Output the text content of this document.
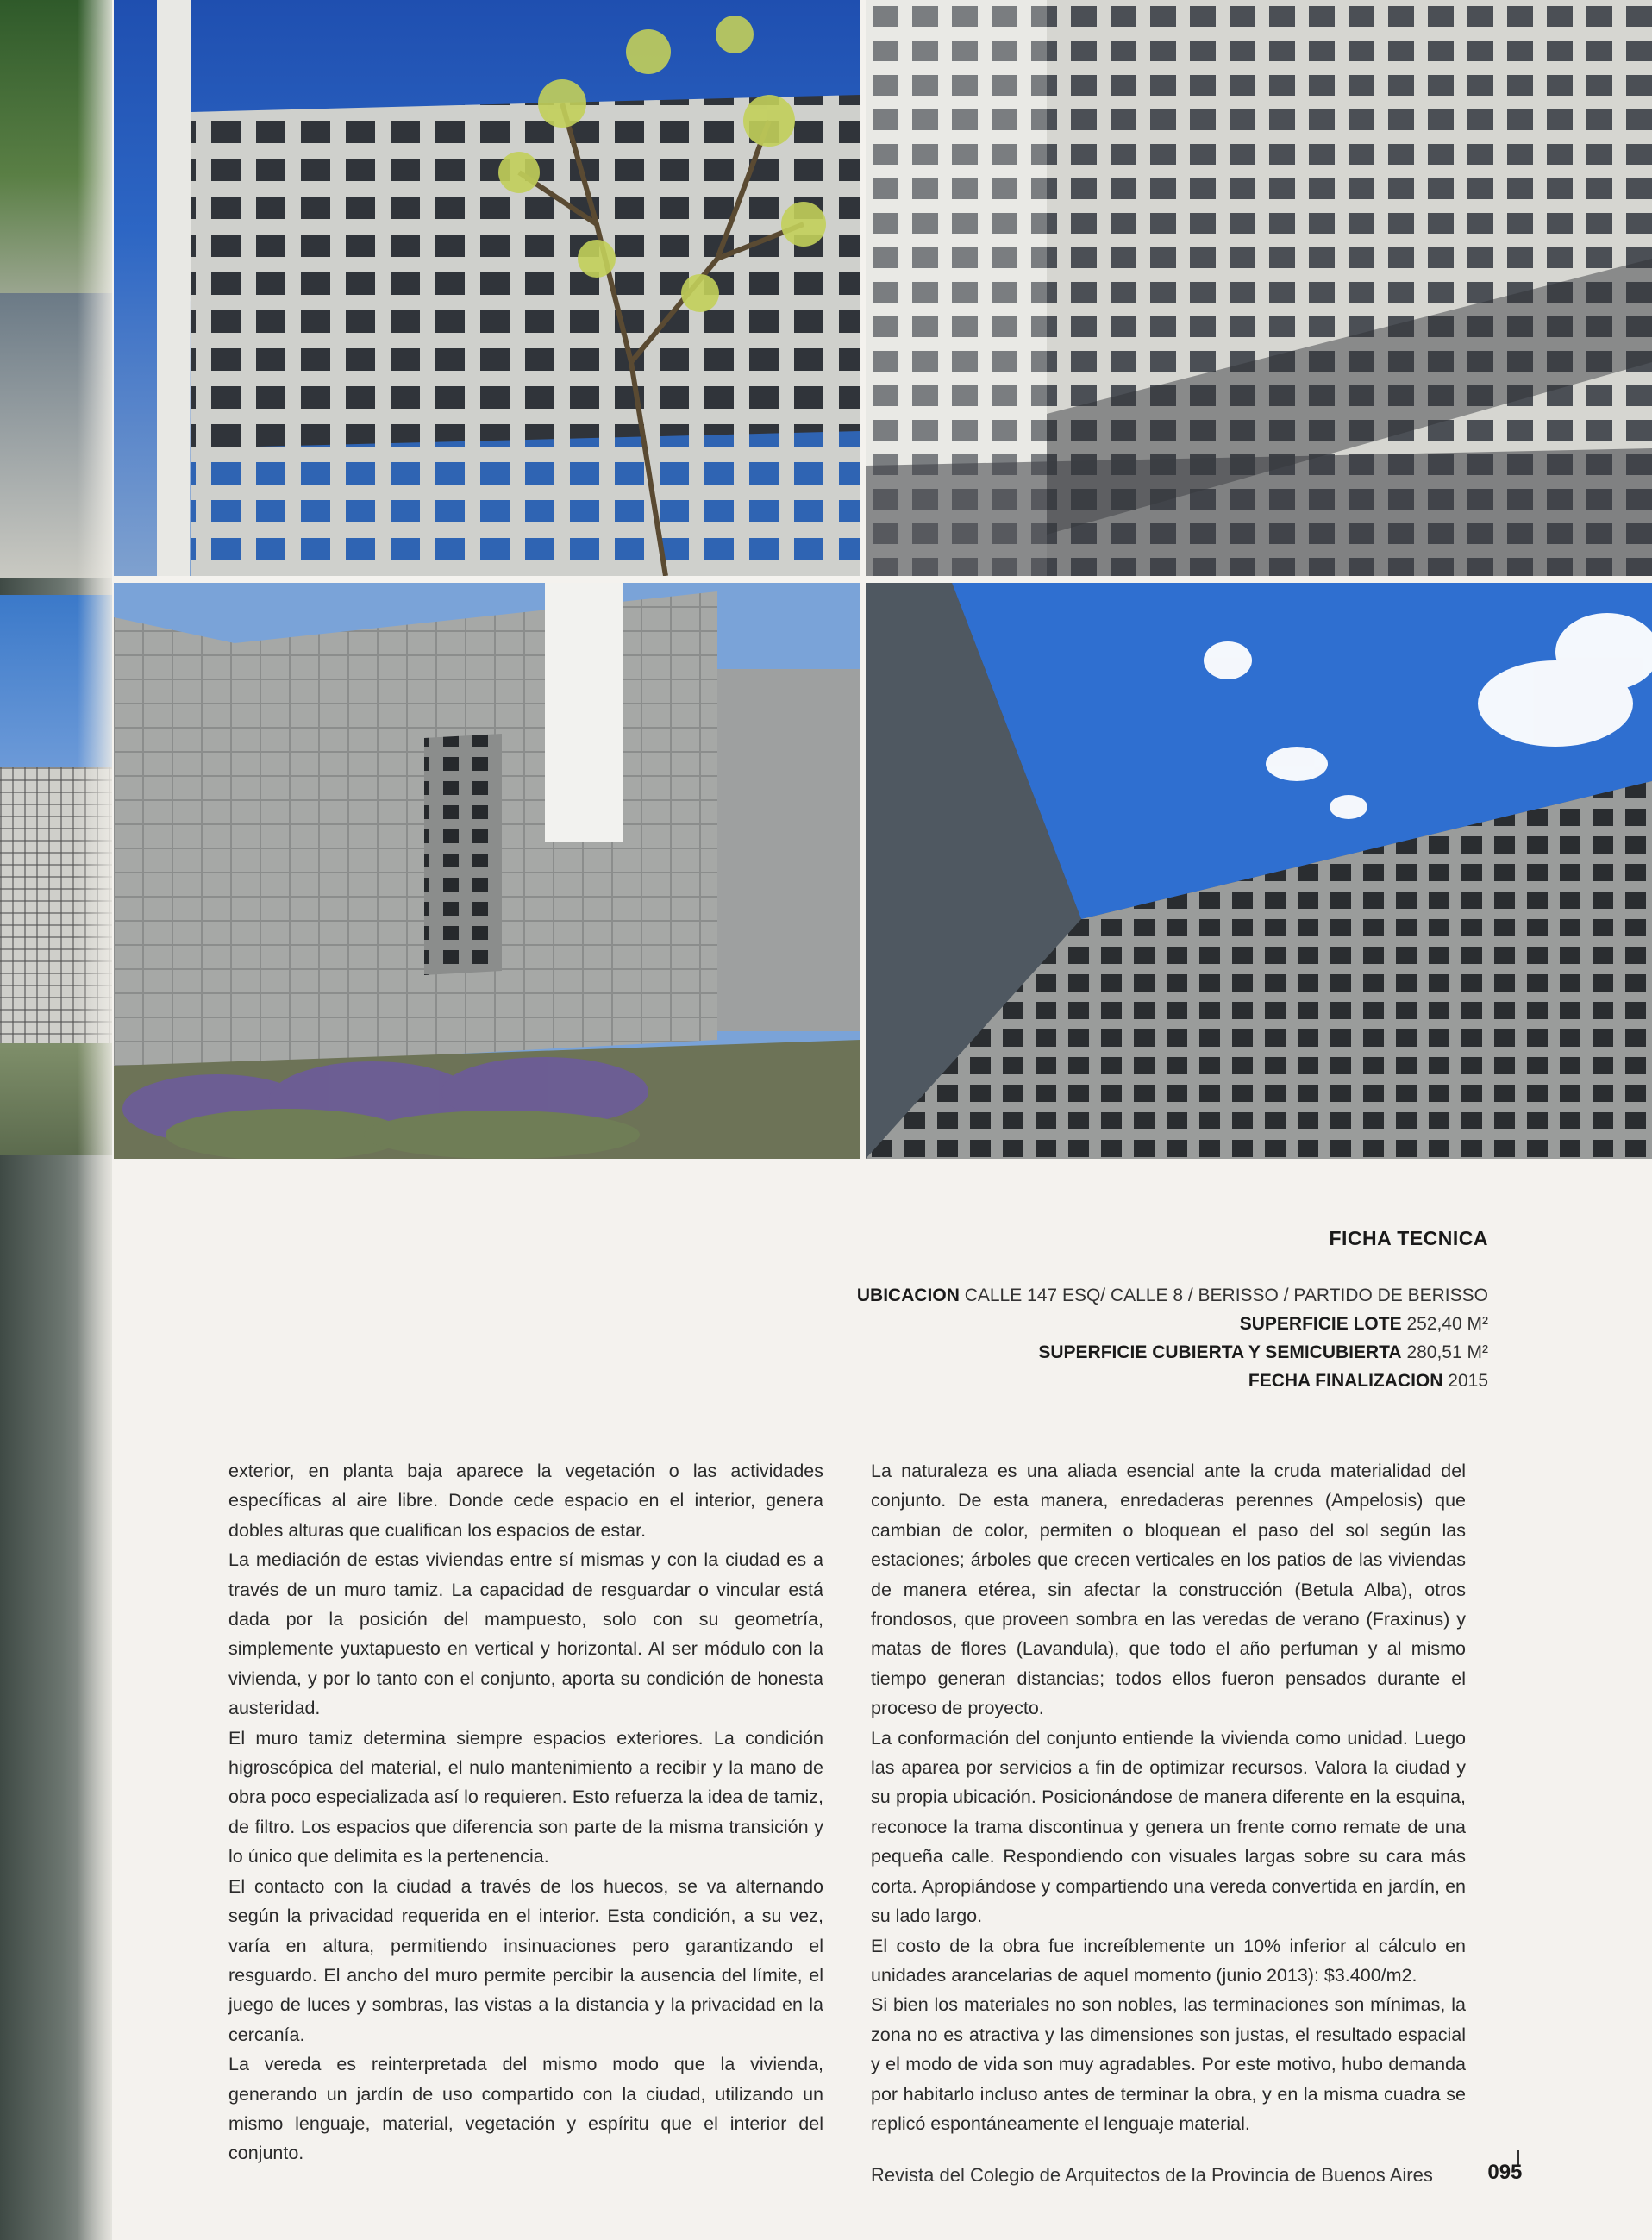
FICHA TECNICA
UBICACION CALLE 147 ESQ/ CALLE 8 / BERISSO / PARTIDO DE BERISSO
SUPERFICIE LOTE 252,40 M²
SUPERFICIE CUBIERTA Y SEMICUBIERTA 280,51 M²
FECHA FINALIZACION 2015

exterior, en planta baja aparece la vegetación o las actividades específicas al aire libre. Donde cede espacio en el interior, genera dobles alturas que cualifican los espacios de estar.

La mediación de estas viviendas entre sí mismas y con la ciudad es a través de un muro tamiz. La capacidad de resguardar o vincular está dada por la posición del mampuesto, solo con su geometría, simplemente yuxtapuesto en vertical y horizontal. Al ser módulo con la vivienda, y por lo tanto con el conjunto, aporta su condición de honesta austeridad.

El muro tamiz determina siempre espacios exteriores. La condición higroscópica del material, el nulo mantenimiento a recibir y la mano de obra poco especializada así lo requieren. Esto refuerza la idea de tamiz, de filtro. Los espacios que diferencia son parte de la misma transición y lo único que delimita es la pertenencia.

El contacto con la ciudad a través de los huecos, se va alternando según la privacidad requerida en el interior. Esta condición, a su vez, varía en altura, permitiendo insinuaciones pero garantizando el resguardo. El ancho del muro permite percibir la ausencia del límite, el juego de luces y sombras, las vistas a la distancia y la privacidad en la cercanía.

La vereda es reinterpretada del mismo modo que la vivienda, generando un jardín de uso compartido con la ciudad, utilizando un mismo lenguaje, material, vegetación y espíritu que el interior del conjunto.

La naturaleza es una aliada esencial ante la cruda materialidad del conjunto. De esta manera, enredaderas perennes (Ampelosis) que cambian de color, permiten o bloquean el paso del sol según las estaciones; árboles que crecen verticales en los patios de las viviendas de manera etérea, sin afectar la construcción (Betula Alba), otros frondosos, que proveen sombra en las veredas de verano (Fraxinus) y matas de flores (Lavandula), que todo el año perfuman y al mismo tiempo generan distancias; todos ellos fueron pensados durante el proceso de proyecto.

La conformación del conjunto entiende la vivienda como unidad. Luego las aparea por servicios a fin de optimizar recursos. Valora la ciudad y su propia ubicación. Posicionándose de manera diferente en la esquina, reconoce la trama discontinua y genera un frente como remate de una pequeña calle. Respondiendo con visuales largas sobre su cara más corta. Apropiándose y compartiendo una vereda convertida en jardín, en su lado largo.

El costo de la obra fue increíblemente un 10% inferior al cálculo en unidades arancelarias de aquel momento (junio 2013): $3.400/m2.

Si bien los materiales no son nobles, las terminaciones son mínimas, la zona no es atractiva y las dimensiones son justas, el resultado espacial y el modo de vida son muy agradables. Por este motivo, hubo demanda por habitarlo incluso antes de terminar la obra, y en la misma cuadra se replicó espontáneamente el lenguaje material.

Revista del Colegio de Arquitectos de la Provincia de Buenos Aires _095
